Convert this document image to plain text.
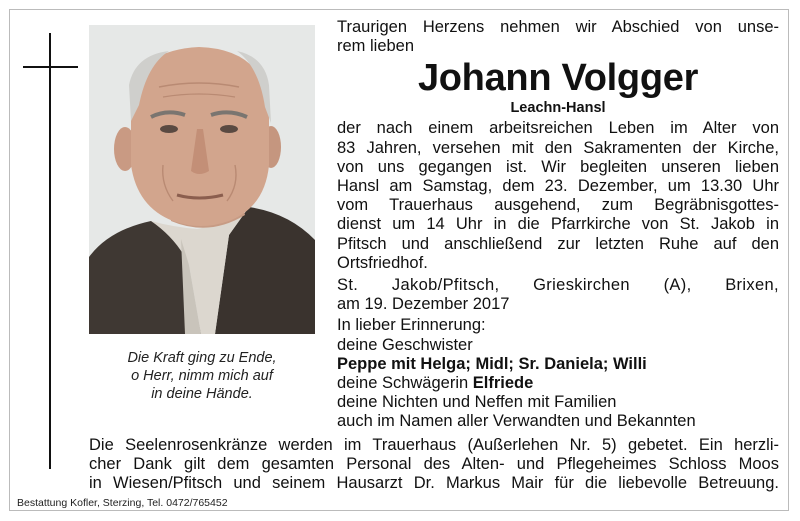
Die Kraft ging zu Ende,
o Herr, nimm mich auf
in deine Hände.
Traurigen Herzens nehmen wir Abschied von unse-
rem lieben
Johann Volgger
Leachn-Hansl
der nach einem arbeitsreichen Leben im Alter von
83 Jahren, versehen mit den Sakramenten der Kirche,
von uns gegangen ist. Wir begleiten unseren lieben
Hansl am Samstag, dem 23. Dezember, um 13.30 Uhr
vom Trauerhaus ausgehend, zum Begräbnisgottes-
dienst um 14 Uhr in die Pfarrkirche von St. Jakob in
Pfitsch und anschließend zur letzten Ruhe auf den
Ortsfriedhof.
St. Jakob/Pfitsch, Grieskirchen (A), Brixen,
am 19. Dezember 2017
In lieber Erinnerung:
deine Geschwister
Peppe mit Helga; Midl; Sr. Daniela; Willi
deine Schwägerin Elfriede
deine Nichten und Neffen mit Familien
auch im Namen aller Verwandten und Bekannten
Die Seelenrosenkränze werden im Trauerhaus (Außerlehen Nr. 5) gebetet. Ein herzli-
cher Dank gilt dem gesamten Personal des Alten- und Pflegeheimes Schloss Moos
in Wiesen/Pfitsch und seinem Hausarzt Dr. Markus Mair für die liebevolle Betreuung.
Bestattung Kofler, Sterzing, Tel. 0472/765452
